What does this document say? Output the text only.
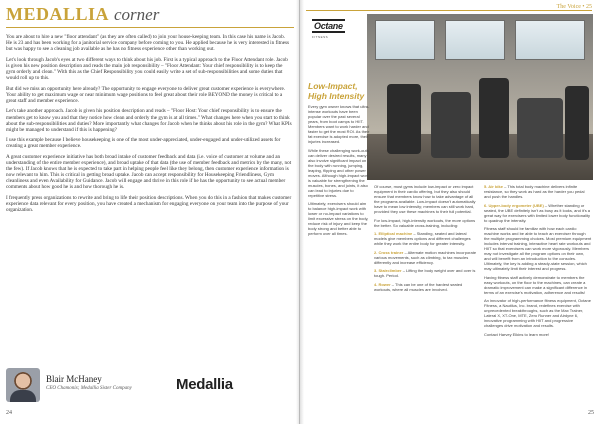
MEDALLIA corner

You are about to hire a new "floor attendant" (as they are often called) to join your house-keeping team. In this case his name is Jacob. He is 23 and has been working for a janitorial service company before coming to you. He applied because he is very interested in fitness but was happy to see a cleaning job available as he has no fitness experience other than working out.

Let's look through Jacob's eyes at two different ways to think about his job. First is a typical approach to the Floor Attendant role. Jacob is given his new position description and reads the main job responsibility – "Floor Attendant: Your chief responsibility is to keep the gym orderly and clean." With this as the Chief Responsibility you could easily write a set of sub-responsibilities and some duties that would roll up to this.

But did we miss an opportunity here already? The opportunity to engage everyone to deliver great customer experience is everywhere. Your ability to get maximum wage or near minimum wage positions to feel great about their role BEYOND the money is critical to a great staff and member experience.

Let's take another approach. Jacob is given his position description and reads – "Floor Host: Your chief responsibility is to ensure the members get to know you and that they notice how clean and orderly the gym is at all times." What changes here when you start to think about the sub-responsibilities and duties? More importantly what changes for Jacob when he thinks about his role in the gym? What KPIs might be managed to understand if this is happening?

I use this example because I believe housekeeping is one of the most under-appreciated, under-engaged and under-utilized assets for creating a great member experience.

A great customer experience initiative has both broad intake of customer feedback and data (i.e. voice of customer at volume and an understanding of the entire member experience), and broad uptake of that data (the use of member feedback and metrics by the many, not the few). If Jacob knows that he is expected to take part in helping people feel like they belong, then customer experience information is now relevant to him. This is critical in getting broad uptake. Jacob can accept responsibility for Housekeeping Friendliness, Gym cleanliness and even Availability for Guidance. Jacob will engage and thrive in this role if he has the opportunity to see actual member comments about how good he is and how thorough he is.

I frequently press organizations to rewrite and bring to life their position descriptions. When you do this in a fashion that makes customer experience data relevant for every position, you have created a mechanism for engaging everyone on your team into the purpose of your organization.

Blair McHaney
CEO Chamonix; Medallia Sister Company	Medallia
24
The Voice • 25
Octane
FITNESS
Low-Impact, High Intensity

Every gym owner knows that ultra-intense workouts have been popular over the past several years, from boot camps to HIIT. Members want to work harder and faster to get the most ROI. As their fat exercise is adopted more, their injuries increased.

While these challenging work-outs can deliver desired results, many also involve significant impact on the body with running, jumping, leaping, flipping and other power moves. Although high-impact work is valuable for strengthening the muscles, bones, and joints, it also can lead to injuries due to repetitive stress.

Ultimately, exercisers should aim to balance high-impact work with lower or no-impact variations to limit excessive stress on the body, reduce risk of injury and keep the body strong and better able to perform over all times.

Of course, most gyms include low-impact or zero impact equipment in their cardio offering, but they also should ensure that members know how to take advantage of all the programs available. Low-impact doesn't automatically have to mean low intensity; members can still work hard, provided they use these machines to their full potential.

For low-impact, high-intensity workouts, the more options the better. So valuable cross-training, including:

1. Elliptical machine – Standing, seated and lateral models give members options and different challenges while they work the entire body for greater intensity.

2. Cross trainer – Alternate motion machines incorporate various movements, such as climbing, to tax muscles differently and increase efficiency.

3. Stairclimber – Lifting the body weight over and over is tough. Period.

4. Rower – This can be one of the hardest seated workouts, where all muscles are involved.

5. Air bike – This total body machine delivers infinite resistance, so they work as hard as the harder you pedal and push the handles.

6. Upper-body ergometer (UBE) – Whether standing or seated, the UBE definitely isn't as busy as it looks, and it's a great way for exercisers with limited lower body functionality to quadrup the intensity.

Fitness staff should be familiar with how each cardio machine works and be able to teach an exerciser through the multiple programming choices. Most premium equipment includes interval training, interactive heart rate workouts and HIIT so that exercisers can work more vigorously. Members may not investigate all the program options on their own, and will benefit from an introduction to the consoles. Ultimately, the key is adding a steady-state session, which may ultimately limit their interest and progress.

Having fitness staff actively demonstrate to members the easy workouts, on the floor to the machines, can create a dramatic improvement can make a significant difference in terms of an exercise's motivation, adherence and results!

An innovator of high-performance fitness equipment, Octane Fitness, a Nautilus, Inc. brand, redefines exercise with unprecedented breakthroughs, such as the Max Trainer, Lateral X, XT-One, MTE, Zero Runner and Airdyne 6, innovative programming with HIIT and progressive challenges drive motivation and results.

Contact Harvey Elkins to learn more!

25
